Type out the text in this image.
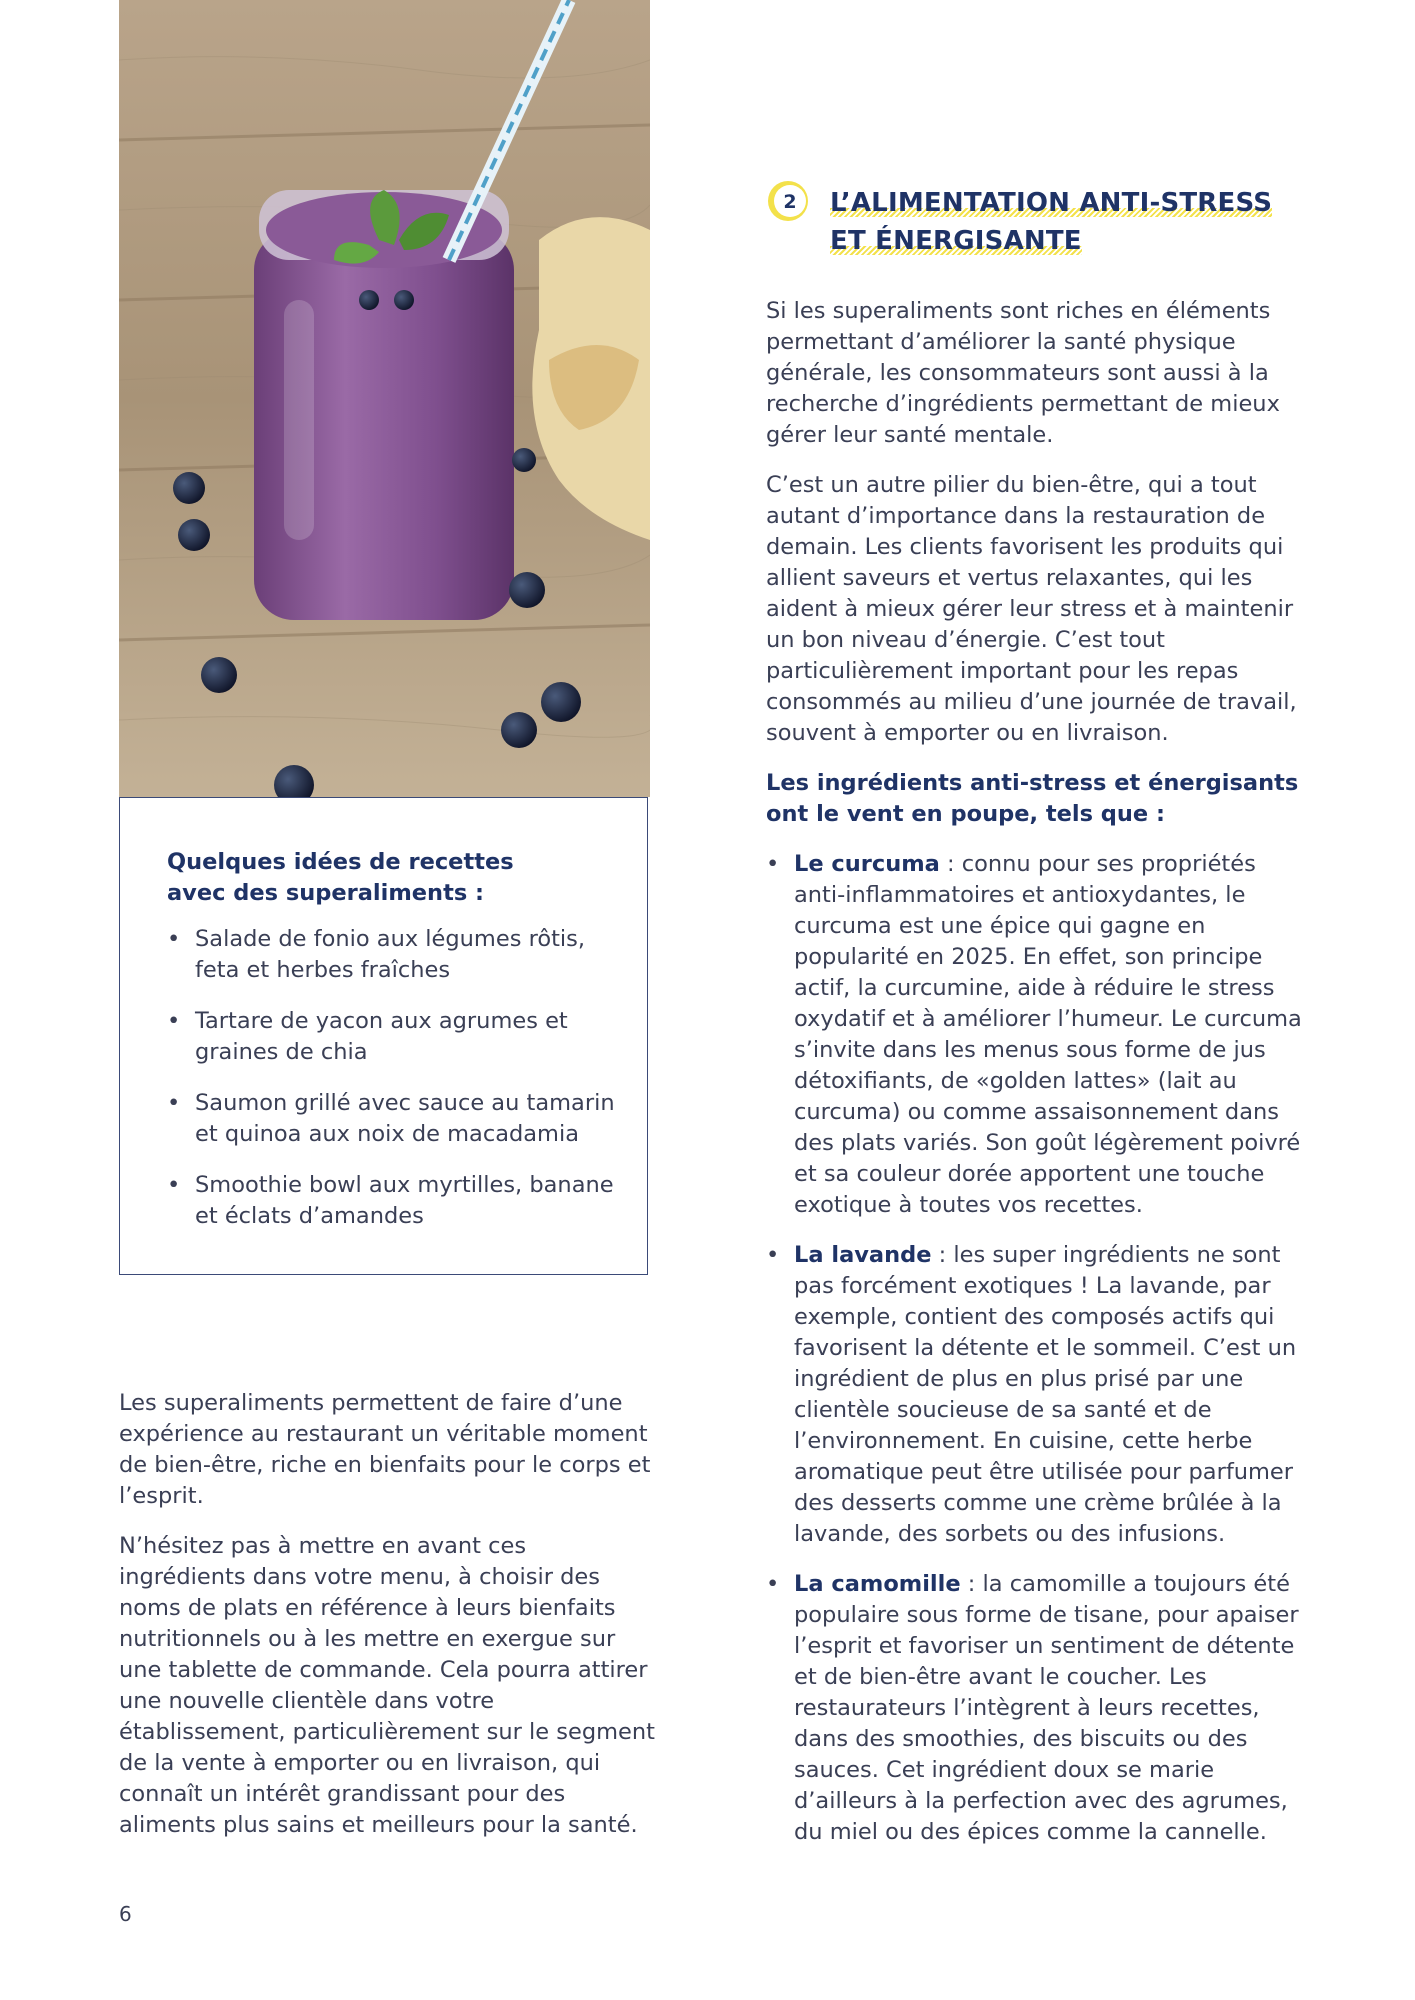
Quelques idées de recettes
avec des superaliments :
• Salade de fonio aux légumes rôtis, feta et herbes fraîches
• Tartare de yacon aux agrumes et graines de chia
• Saumon grillé avec sauce au tamarin et quinoa aux noix de macadamia
• Smoothie bowl aux myrtilles, banane et éclats d’amandes

Les superaliments permettent de faire d’une expérience au restaurant un véritable moment de bien-être, riche en bienfaits pour le corps et l’esprit.

N’hésitez pas à mettre en avant ces ingrédients dans votre menu, à choisir des noms de plats en référence à leurs bienfaits nutritionnels ou à les mettre en exergue sur une tablette de commande. Cela pourra attirer une nouvelle clientèle dans votre établissement, particulièrement sur le segment de la vente à emporter ou en livraison, qui connaît un intérêt grandissant pour des aliments plus sains et meilleurs pour la santé.

2 L’ALIMENTATION ANTI-STRESS
ET ÉNERGISANTE

Si les superaliments sont riches en éléments permettant d’améliorer la santé physique générale, les consommateurs sont aussi à la recherche d’ingrédients permettant de mieux gérer leur santé mentale.

C’est un autre pilier du bien-être, qui a tout autant d’importance dans la restauration de demain. Les clients favorisent les produits qui allient saveurs et vertus relaxantes, qui les aident à mieux gérer leur stress et à maintenir un bon niveau d’énergie. C’est tout particulièrement important pour les repas consommés au milieu d’une journée de travail, souvent à emporter ou en livraison.

Les ingrédients anti-stress et énergisants ont le vent en poupe, tels que :

• Le curcuma : connu pour ses propriétés anti-inflammatoires et antioxydantes, le curcuma est une épice qui gagne en popularité en 2025. En effet, son principe actif, la curcumine, aide à réduire le stress oxydatif et à améliorer l’humeur. Le curcuma s’invite dans les menus sous forme de jus détoxifiants, de «golden lattes» (lait au curcuma) ou comme assaisonnement dans des plats variés. Son goût légèrement poivré et sa couleur dorée apportent une touche exotique à toutes vos recettes.
• La lavande : les super ingrédients ne sont pas forcément exotiques ! La lavande, par exemple, contient des composés actifs qui favorisent la détente et le sommeil. C’est un ingrédient de plus en plus prisé par une clientèle soucieuse de sa santé et de l’environnement. En cuisine, cette herbe aromatique peut être utilisée pour parfumer des desserts comme une crème brûlée à la lavande, des sorbets ou des infusions.
• La camomille : la camomille a toujours été populaire sous forme de tisane, pour apaiser l’esprit et favoriser un sentiment de détente et de bien-être avant le coucher. Les restaurateurs l’intègrent à leurs recettes, dans des smoothies, des biscuits ou des sauces. Cet ingrédient doux se marie d’ailleurs à la perfection avec des agrumes, du miel ou des épices comme la cannelle.
6
